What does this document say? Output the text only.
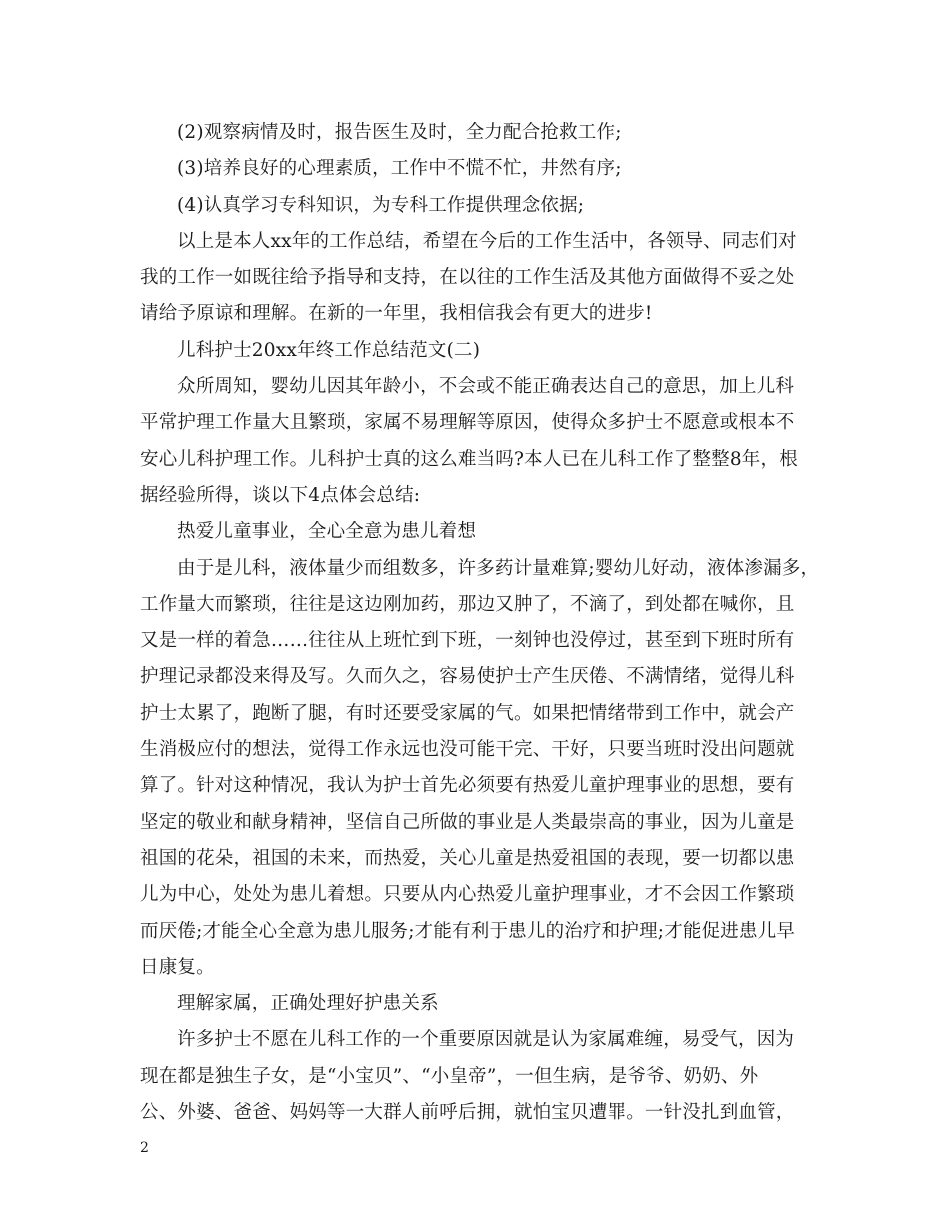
(2)观察病情及时，报告医生及时，全力配合抢救工作;

(3)培养良好的心理素质，工作中不慌不忙，井然有序;

(4)认真学习专科知识，为专科工作提供理念依据;

以上是本人xx年的工作总结，希望在今后的工作生活中，各领导、同志们对

我的工作一如既往给予指导和支持，在以往的工作生活及其他方面做得不妥之处

请给予原谅和理解。在新的一年里，我相信我会有更大的进步!

儿科护士20xx年终工作总结范文(二)

众所周知，婴幼儿因其年龄小，不会或不能正确表达自己的意思，加上儿科

平常护理工作量大且繁琐，家属不易理解等原因，使得众多护士不愿意或根本不

安心儿科护理工作。儿科护士真的这么难当吗?本人已在儿科工作了整整8年，根

据经验所得，谈以下4点体会总结:

热爱儿童事业，全心全意为患儿着想

由于是儿科，液体量少而组数多，许多药计量难算;婴幼儿好动，液体渗漏多，

工作量大而繁琐，往往是这边刚加药，那边又肿了，不滴了，到处都在喊你，且

又是一样的着急……往往从上班忙到下班，一刻钟也没停过，甚至到下班时所有

护理记录都没来得及写。久而久之，容易使护士产生厌倦、不满情绪，觉得儿科

护士太累了，跑断了腿，有时还要受家属的气。如果把情绪带到工作中，就会产

生消极应付的想法，觉得工作永远也没可能干完、干好，只要当班时没出问题就

算了。针对这种情况，我认为护士首先必须要有热爱儿童护理事业的思想，要有

坚定的敬业和献身精神，坚信自己所做的事业是人类最崇高的事业，因为儿童是

祖国的花朵，祖国的未来，而热爱，关心儿童是热爱祖国的表现，要一切都以患

儿为中心，处处为患儿着想。只要从内心热爱儿童护理事业，才不会因工作繁琐

而厌倦;才能全心全意为患儿服务;才能有利于患儿的治疗和护理;才能促进患儿早

日康复。

理解家属，正确处理好护患关系

许多护士不愿在儿科工作的一个重要原因就是认为家属难缠，易受气，因为

现在都是独生子女，是“小宝贝”、“小皇帝”，一但生病，是爷爷、奶奶、外

公、外婆、爸爸、妈妈等一大群人前呼后拥，就怕宝贝遭罪。一针没扎到血管，

2
